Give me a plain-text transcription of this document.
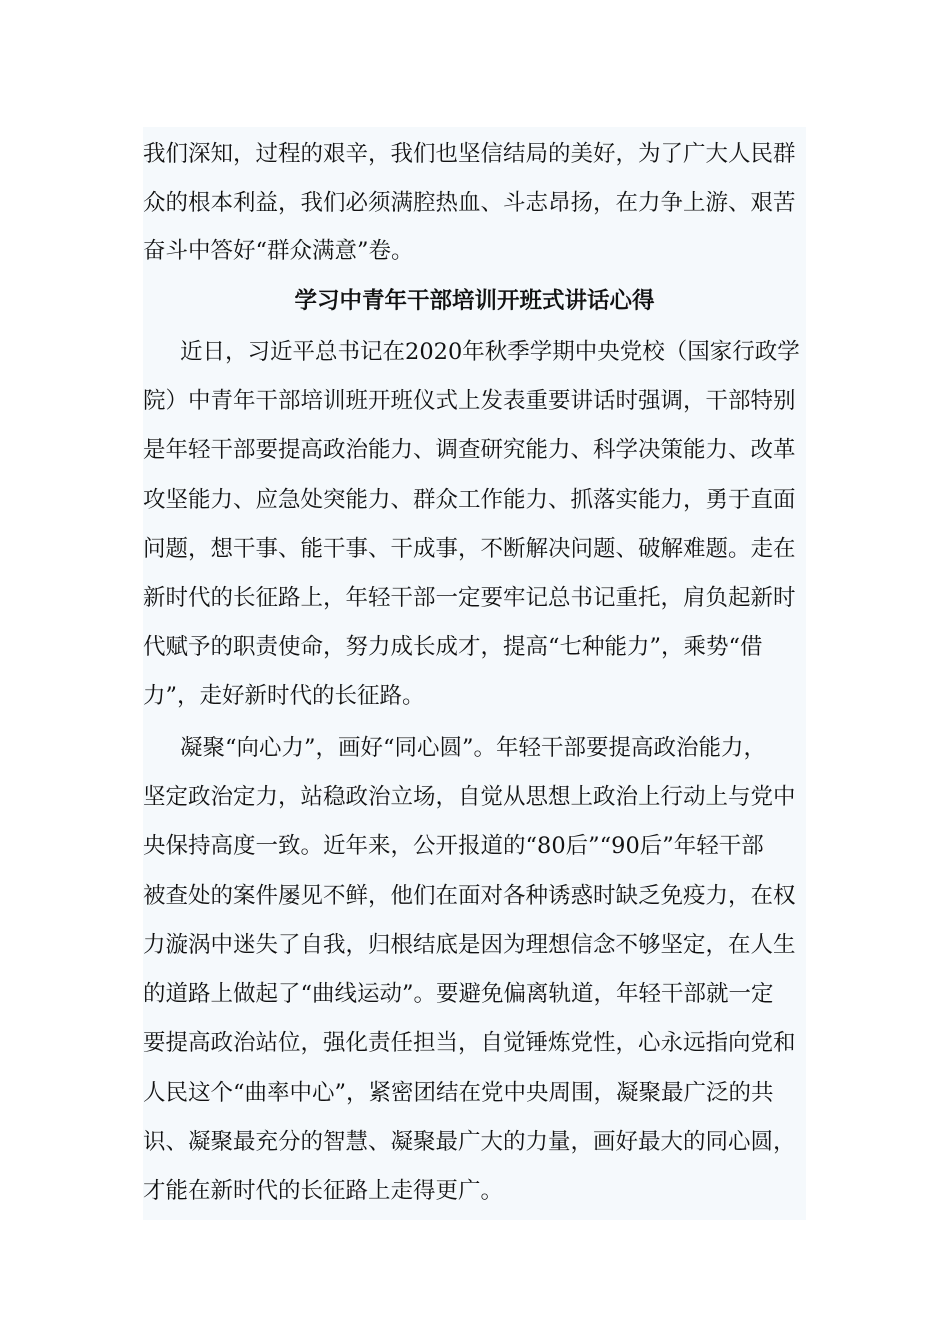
我们深知，过程的艰辛，我们也坚信结局的美好，为了广大人民群
众的根本利益，我们必须满腔热血、斗志昂扬，在力争上游、艰苦
奋斗中答好“群众满意”卷。
学习中青年干部培训开班式讲话心得
近日，习近平总书记在2020年秋季学期中央党校（国家行政学
院）中青年干部培训班开班仪式上发表重要讲话时强调，干部特别
是年轻干部要提高政治能力、调查研究能力、科学决策能力、改革
攻坚能力、应急处突能力、群众工作能力、抓落实能力，勇于直面
问题，想干事、能干事、干成事，不断解决问题、破解难题。走在
新时代的长征路上，年轻干部一定要牢记总书记重托，肩负起新时
代赋予的职责使命，努力成长成才，提高“七种能力”，乘势“借
力”，走好新时代的长征路。
凝聚“向心力”，画好“同心圆”。年轻干部要提高政治能力，
坚定政治定力，站稳政治立场，自觉从思想上政治上行动上与党中
央保持高度一致。近年来，公开报道的“80后”“90后”年轻干部
被查处的案件屡见不鲜，他们在面对各种诱惑时缺乏免疫力，在权
力漩涡中迷失了自我，归根结底是因为理想信念不够坚定，在人生
的道路上做起了“曲线运动”。要避免偏离轨道，年轻干部就一定
要提高政治站位，强化责任担当，自觉锤炼党性，心永远指向党和
人民这个“曲率中心”，紧密团结在党中央周围，凝聚最广泛的共
识、凝聚最充分的智慧、凝聚最广大的力量，画好最大的同心圆，
才能在新时代的长征路上走得更广。
